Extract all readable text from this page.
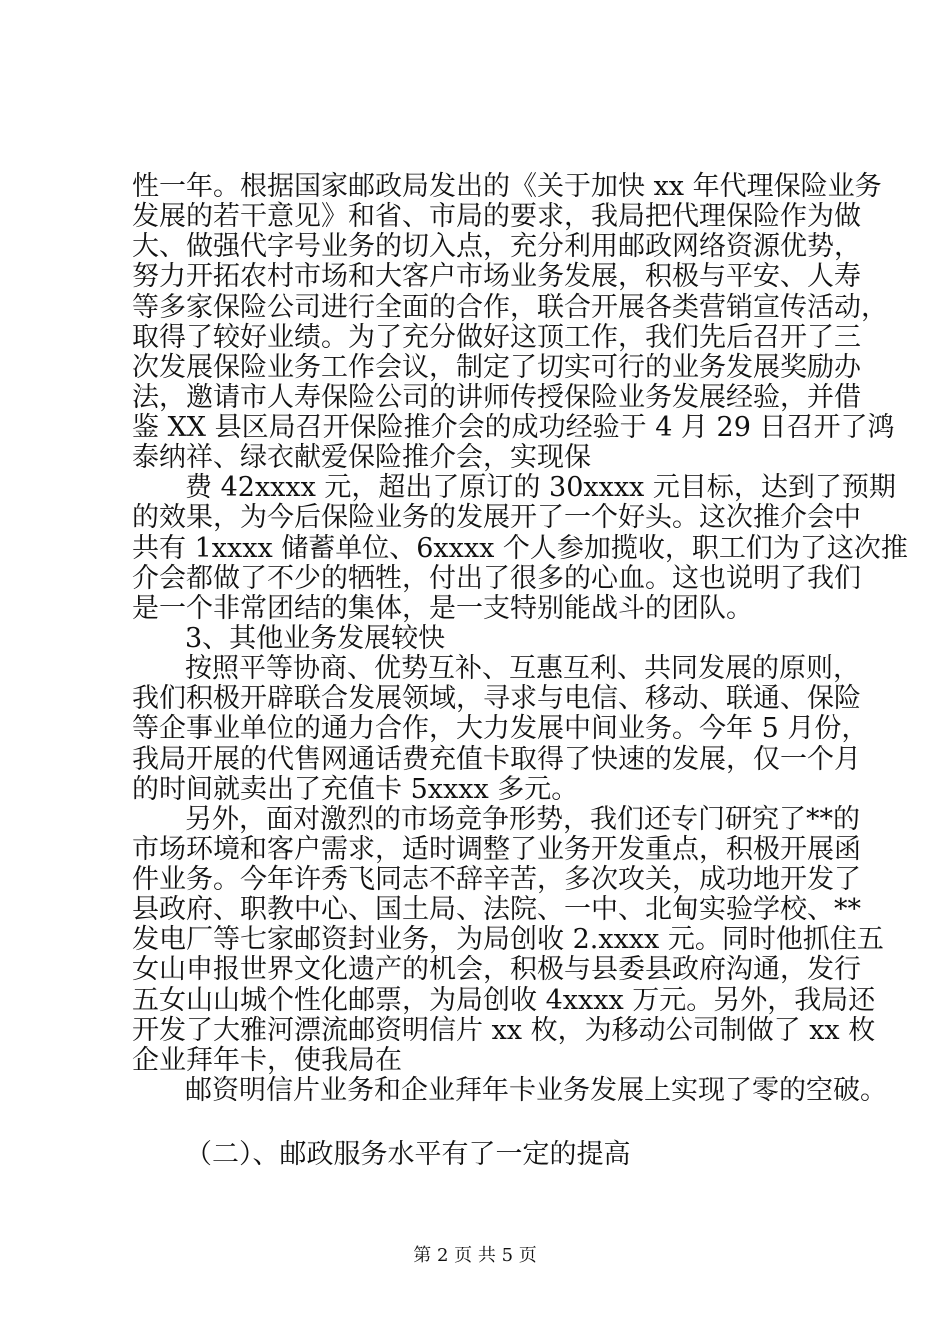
性一年。根据国家邮政局发出的《关于加快 xx 年代理保险业务
发展的若干意见》和省、市局的要求，我局把代理保险作为做
大、做强代字号业务的切入点，充分利用邮政网络资源优势，
努力开拓农村市场和大客户市场业务发展，积极与平安、人寿
等多家保险公司进行全面的合作，联合开展各类营销宣传活动，
取得了较好业绩。为了充分做好这顶工作，我们先后召开了三
次发展保险业务工作会议，制定了切实可行的业务发展奖励办
法，邀请市人寿保险公司的讲师传授保险业务发展经验，并借
鉴 XX 县区局召开保险推介会的成功经验于 4 月 29 日召开了鸿
泰纳祥、绿衣献爱保险推介会，实现保
费 42xxxx 元，超出了原订的 30xxxx 元目标，达到了预期
的效果，为今后保险业务的发展开了一个好头。这次推介会中
共有 1xxxx 储蓄单位、6xxxx 个人参加揽收，职工们为了这次推
介会都做了不少的牺牲，付出了很多的心血。这也说明了我们
是一个非常团结的集体，是一支特别能战斗的团队。
3、其他业务发展较快
按照平等协商、优势互补、互惠互利、共同发展的原则，
我们积极开辟联合发展领域，寻求与电信、移动、联通、保险
等企事业单位的通力合作，大力发展中间业务。今年 5 月份，
我局开展的代售网通话费充值卡取得了快速的发展，仅一个月
的时间就卖出了充值卡 5xxxx 多元。
另外，面对激烈的市场竞争形势，我们还专门研究了**的
市场环境和客户需求，适时调整了业务开发重点，积极开展函
件业务。今年许秀飞同志不辞辛苦，多次攻关，成功地开发了
县政府、职教中心、国土局、法院、一中、北甸实验学校、**
发电厂等七家邮资封业务，为局创收 2.xxxx 元。同时他抓住五
女山申报世界文化遗产的机会，积极与县委县政府沟通，发行
五女山山城个性化邮票，为局创收 4xxxx 万元。另外，我局还
开发了大雅河漂流邮资明信片 xx 枚，为移动公司制做了 xx 枚
企业拜年卡，使我局在
邮资明信片业务和企业拜年卡业务发展上实现了零的空破。
第 2 页 共 5 页
（二）、邮政服务水平有了一定的提高
